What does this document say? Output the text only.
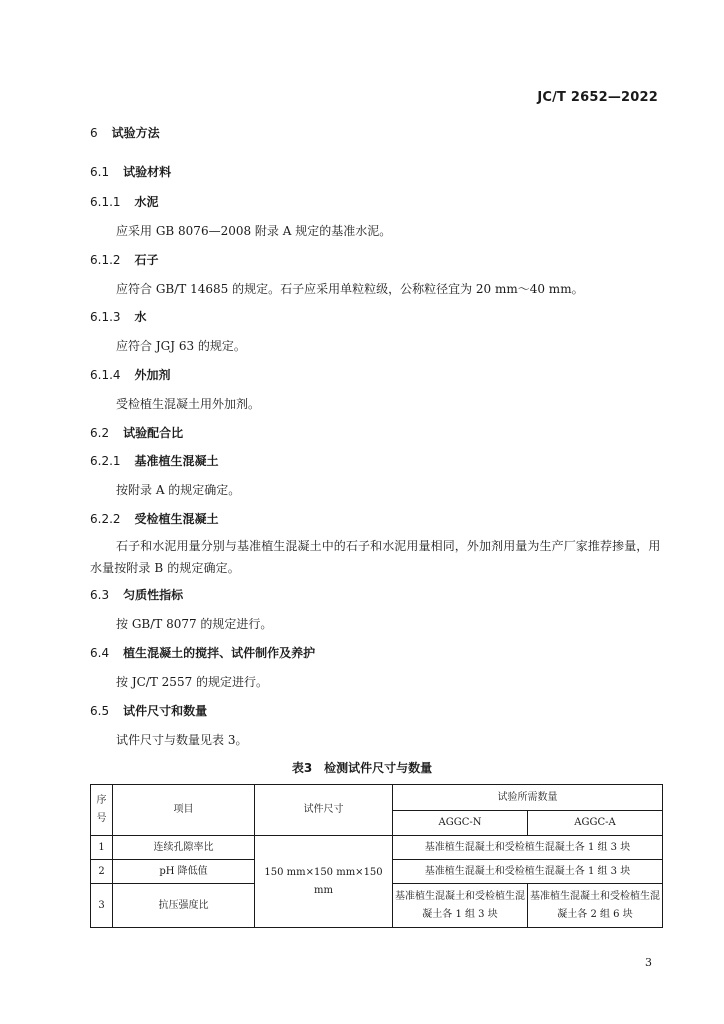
JC/T 2652—2022
6 试验方法
6.1 试验材料
6.1.1 水泥
应采用 GB 8076—2008 附录 A 规定的基准水泥。
6.1.2 石子
应符合 GB/T 14685 的规定。石子应采用单粒粒级，公称粒径宜为 20 mm～40 mm。
6.1.3 水
应符合 JGJ 63 的规定。
6.1.4 外加剂
受检植生混凝土用外加剂。
6.2 试验配合比
6.2.1 基准植生混凝土
按附录 A 的规定确定。
6.2.2 受检植生混凝土
石子和水泥用量分别与基准植生混凝土中的石子和水泥用量相同，外加剂用量为生产厂家推荐掺量，用水量按附录 B 的规定确定。
6.3 匀质性指标
按 GB/T 8077 的规定进行。
6.4 植生混凝土的搅拌、试件制作及养护
按 JC/T 2557 的规定进行。
6.5 试件尺寸和数量
试件尺寸与数量见表 3。
表3　检测试件尺寸与数量
序号	项目	试件尺寸	试验所需数量	
			AGGC-N	AGGC-A
1	连续孔隙率比	150 mm×150 mm×150 mm	基准植生混凝土和受检植生混凝土各 1 组 3 块	
2	pH 降低值		基准植生混凝土和受检植生混凝土各 1 组 3 块	
3	抗压强度比		基准植生混凝土和受检植生混凝土各 1 组 3 块	基准植生混凝土和受检植生混凝土各 2 组 6 块
3
